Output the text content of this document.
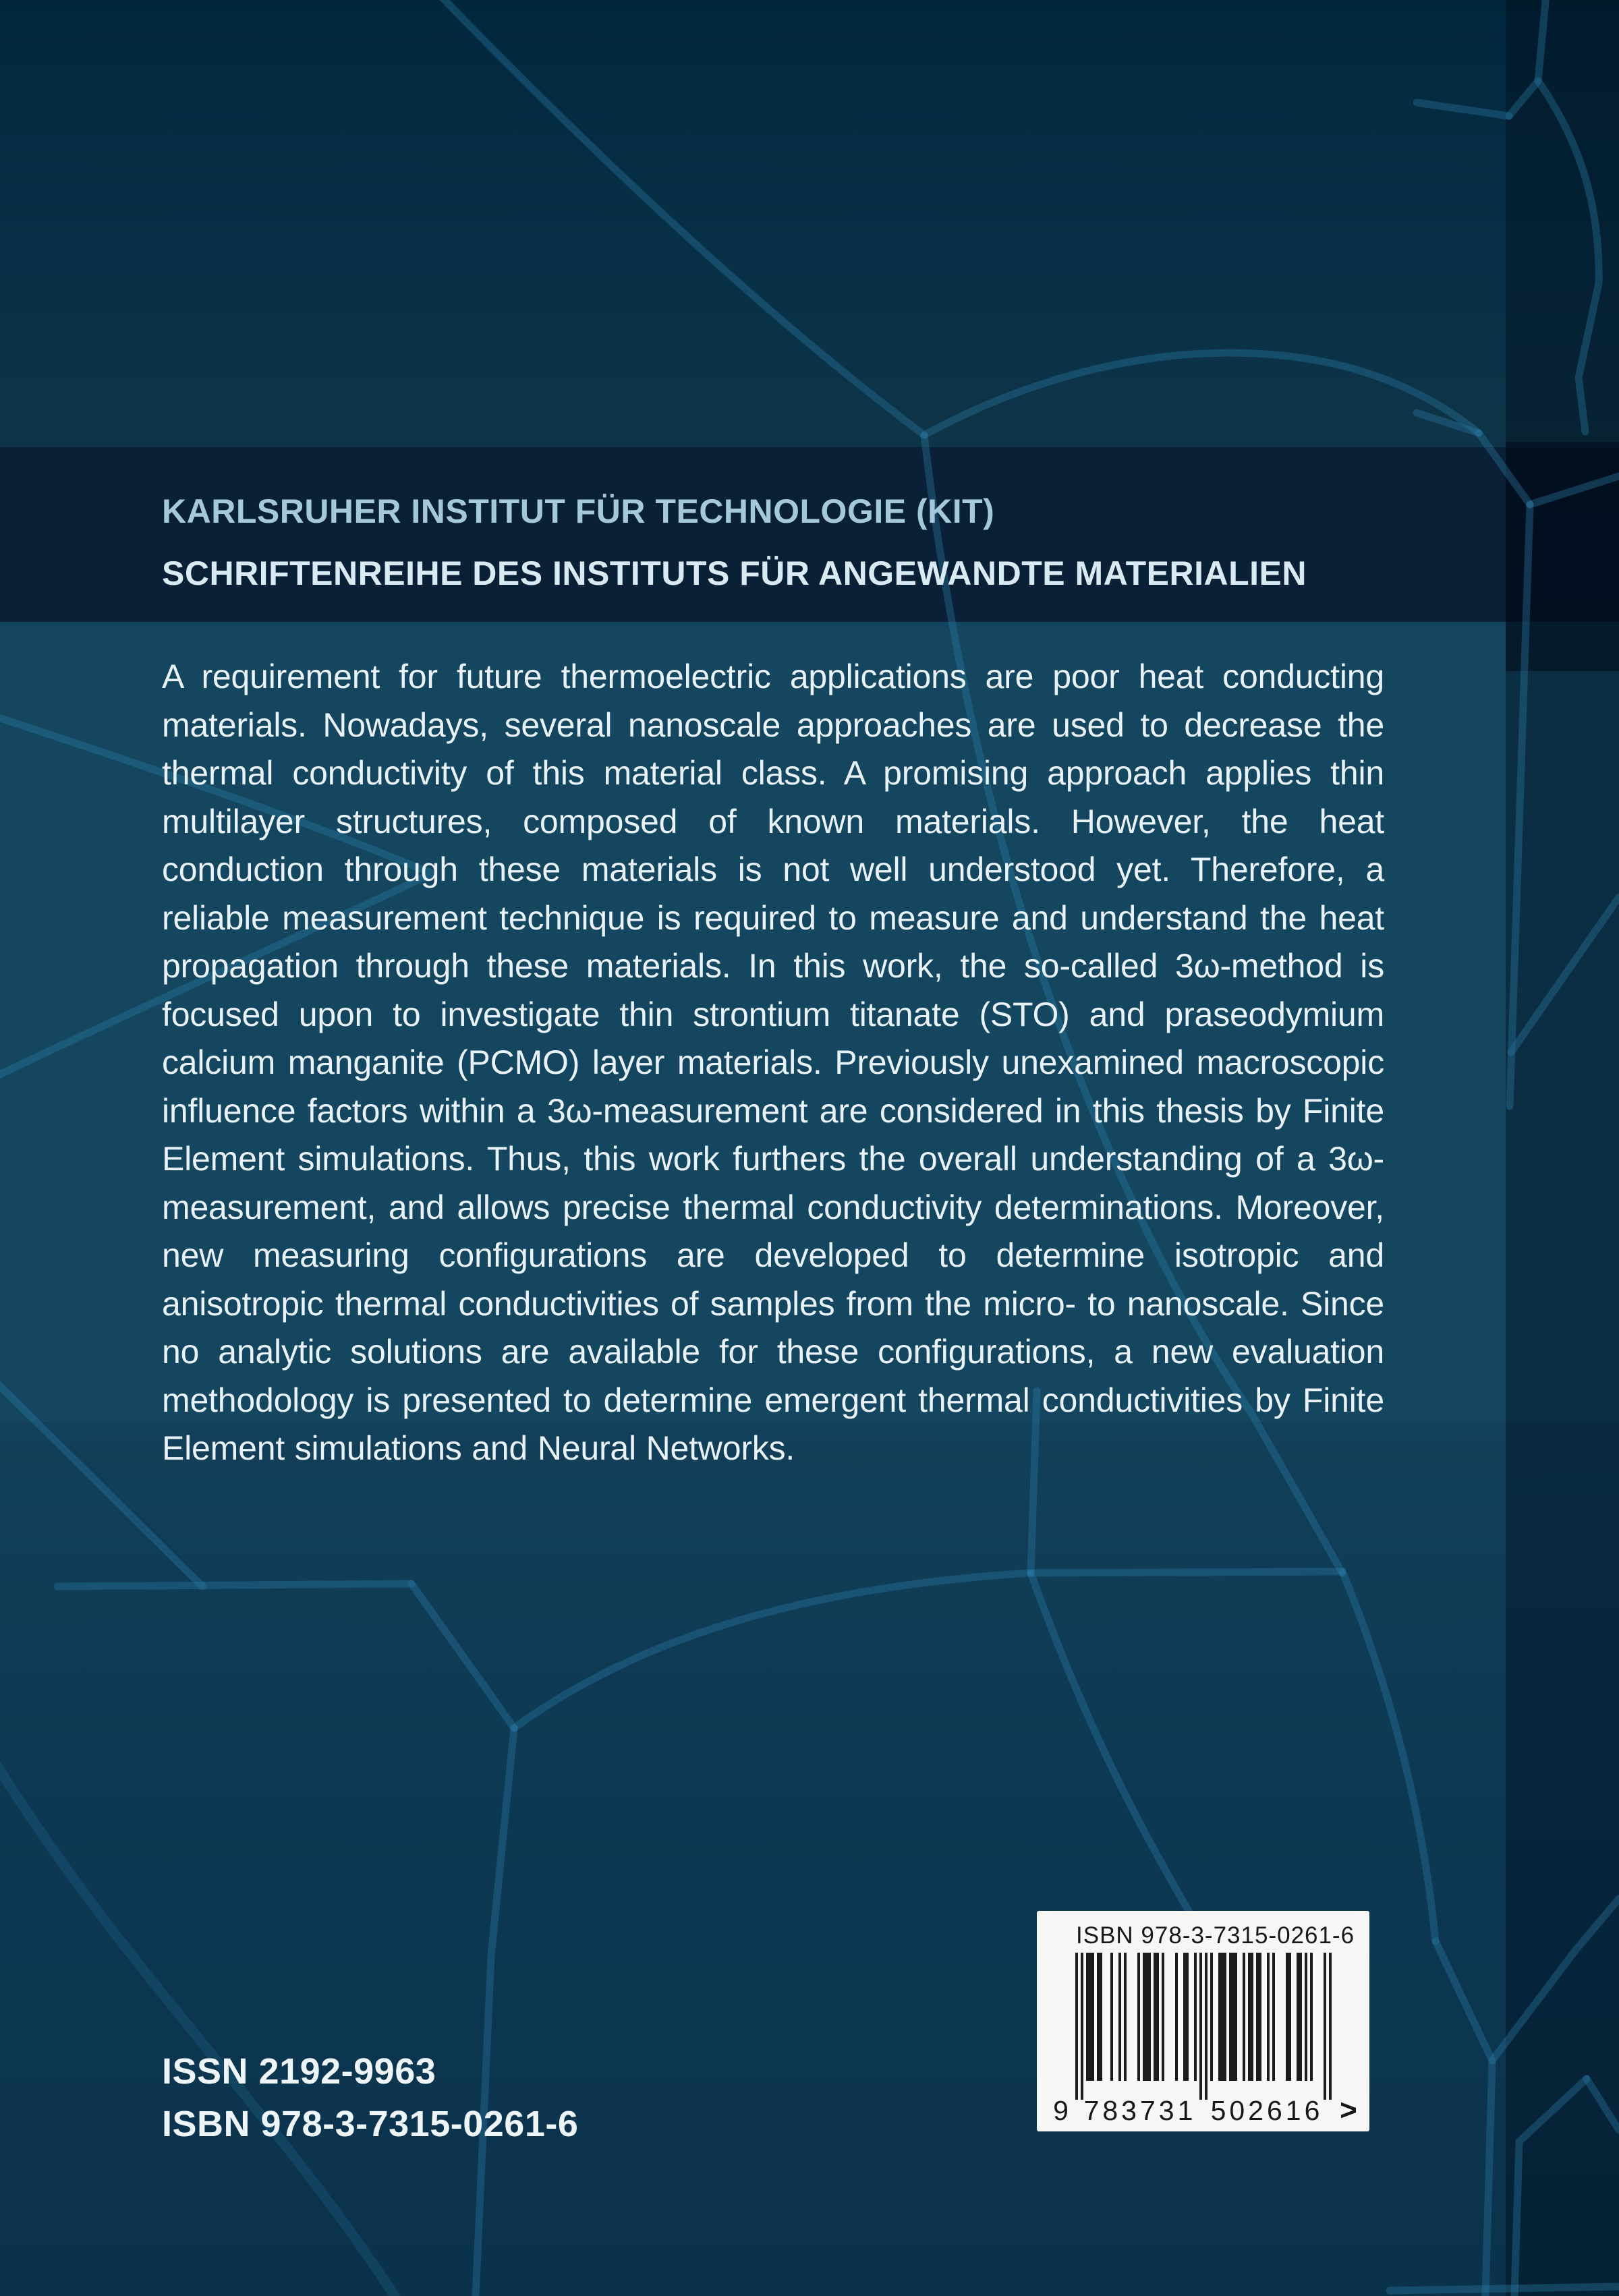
KARLSRUHER INSTITUT FÜR TECHNOLOGIE (KIT)
SCHRIFTENREIHE DES INSTITUTS FÜR ANGEWANDTE MATERIALIEN
A requirement for future thermoelectric applications are poor heat conducting materials. Nowadays, several nanoscale approaches are used to decrease the thermal conductivity of this material class. A promising approach applies thin multilayer structures, composed of known materials. However, the heat conduction through these materials is not well understood yet. Therefore, a reliable measurement technique is required to measure and understand the heat propagation through these materials. In this work, the so-called 3ω-method is focused upon to investigate thin strontium titanate (STO) and praseodymium calcium manganite (PCMO) layer materials. Previously unexamined macroscopic influence factors within a 3ω-measurement are considered in this thesis by Finite Element simulations. Thus, this work furthers the overall understanding of a 3ω-measurement, and allows precise thermal conductivity determinations. Moreover, new measuring configurations are developed to determine isotropic and anisotropic thermal conductivities of samples from the micro- to nanoscale. Since no analytic solutions are available for these configurations, a new evaluation methodology is presented to determine emergent thermal conductivities by Finite Element simulations and Neural Networks.
ISSN 2192-9963
ISBN 978-3-7315-0261-6
ISBN 978-3-7315-0261-6
9 783731 502616 >
